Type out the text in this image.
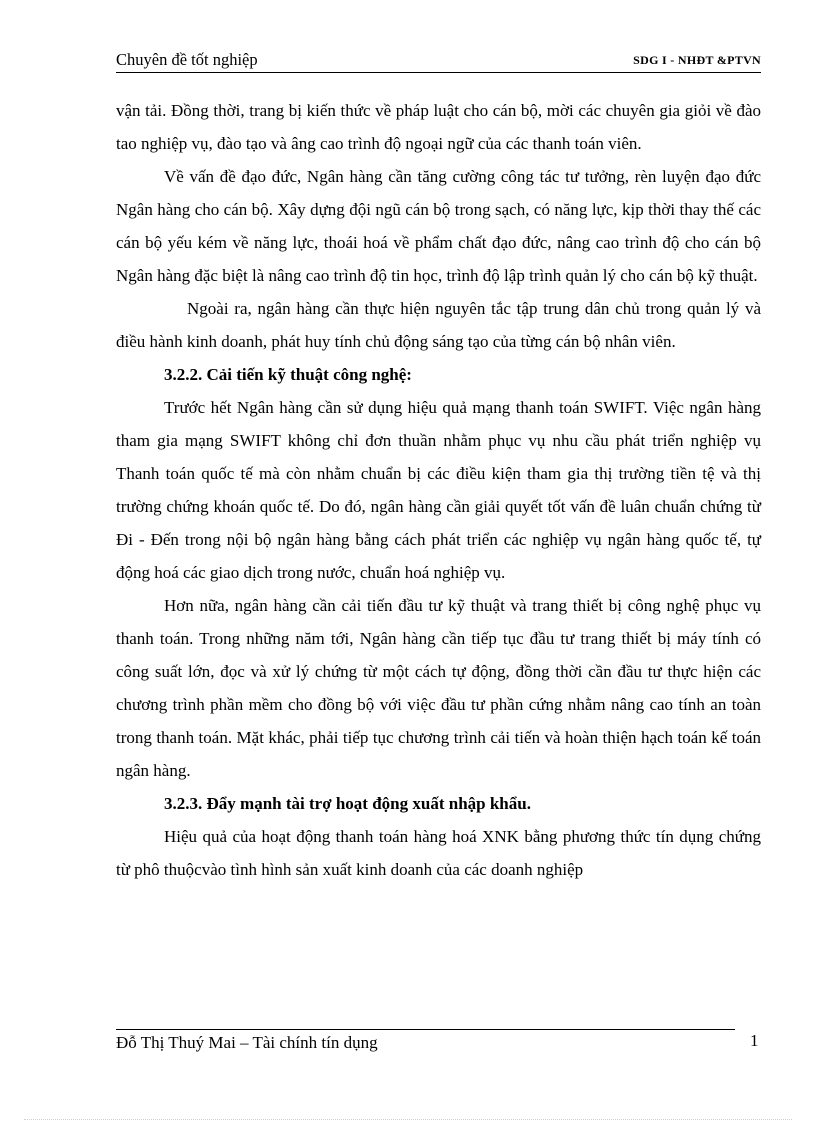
Chuyên đề tốt nghiệp	SDG I - NHĐT &PTVN

vận tải. Đồng thời, trang bị kiến thức về pháp luật cho cán bộ, mời các chuyên gia giỏi về đào tao nghiệp vụ, đào tạo và âng cao trình độ ngoại ngữ của các thanh toán viên.

Về vấn đề đạo đức, Ngân hàng cần tăng cường công tác tư tưởng, rèn luyện đạo đức Ngân hàng cho cán bộ. Xây dựng đội ngũ cán bộ trong sạch, có năng lực, kịp thời thay thế các cán bộ yếu kém về năng lực, thoái hoá về phẩm chất đạo đức, nâng cao trình độ cho cán bộ Ngân hàng đặc biệt là nâng cao trình độ tin học, trình độ lập trình quản lý cho cán bộ kỹ thuật.

Ngoài ra, ngân hàng cần thực hiện nguyên tắc tập trung dân chủ trong quản lý và điều hành kinh doanh, phát huy tính chủ động sáng tạo của từng cán bộ nhân viên.

3.2.2. Cải tiến kỹ thuật công nghệ:

Trước hết Ngân hàng cần sử dụng hiệu quả mạng thanh toán SWIFT. Việc ngân hàng tham gia mạng SWIFT không chỉ đơn thuần nhằm phục vụ nhu cầu phát triển nghiệp vụ Thanh toán quốc tế mà còn nhằm chuẩn bị các điều kiện tham gia thị trường tiền tệ và thị trường chứng khoán quốc tế. Do đó, ngân hàng cần giải quyết tốt vấn đề luân chuẩn chứng từ Đi - Đến trong nội bộ ngân hàng bằng cách phát triển các nghiệp vụ ngân hàng quốc tế, tự động hoá các giao dịch trong nước, chuẩn hoá nghiệp vụ.

Hơn nữa, ngân hàng cần cải tiến đầu tư kỹ thuật và trang thiết bị công nghệ phục vụ thanh toán. Trong những năm tới, Ngân hàng cần tiếp tục đầu tư trang thiết bị máy tính có công suất lớn, đọc và xử lý chứng từ một cách tự động, đồng thời cần đầu tư thực hiện các chương trình phần mềm cho đồng bộ với việc đầu tư phần cứng nhằm nâng cao tính an toàn trong thanh toán. Mặt khác, phải tiếp tục chương trình cải tiến và hoàn thiện hạch toán kế toán ngân hàng.

3.2.3. Đẩy mạnh tài trợ hoạt động xuất nhập khẩu.

Hiệu quả của hoạt động thanh toán hàng hoá XNK bằng phương thức tín dụng chứng từ phô thuộcvào tình hình sản xuất kinh doanh của các doanh nghiệp

Đỗ Thị Thuý Mai – Tài chính tín dụng	1
